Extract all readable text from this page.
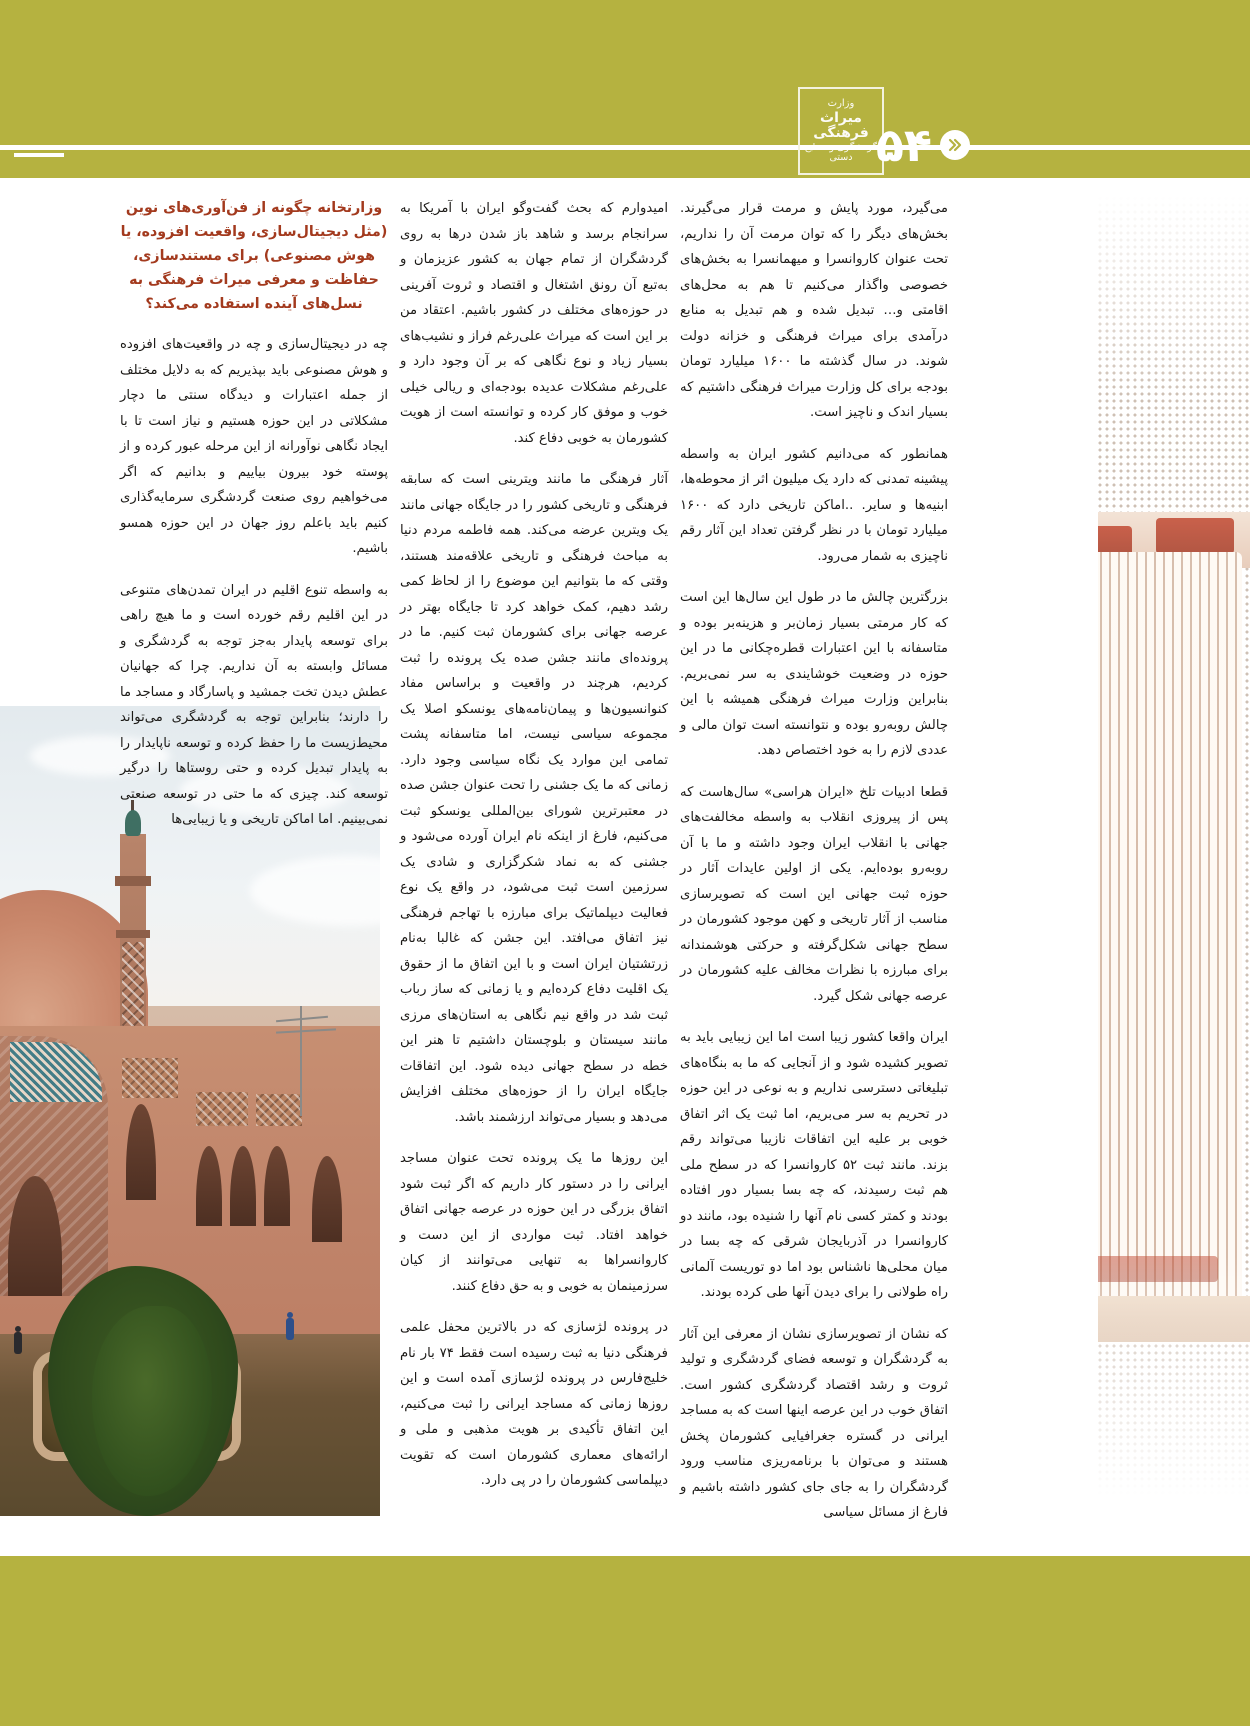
وزارت
میراث فرهنگی
گردشگری و صنایع دستی ۵۴

می‌گیرد، مورد پایش و مرمت قرار می‌گیرند. بخش‌های دیگر را که توان مرمت آن را نداریم، تحت عنوان کاروانسرا و میهمانسرا به بخش‌های خصوصی واگذار می‌کنیم تا هم به محل‌های اقامتی و… تبدیل شده و هم تبدیل به منابع درآمدی برای میراث فرهنگی و خزانه دولت شوند. در سال گذشته ما ۱۶۰۰ میلیارد تومان بودجه برای کل وزارت میراث فرهنگی داشتیم که بسیار اندک و ناچیز است.

همانطور که می‌دانیم کشور ایران به واسطه پیشینه تمدنی که دارد یک میلیون اثر از محوطه‌ها، ابنیه‌ها و سایر. ..اماکن تاریخی دارد که ۱۶۰۰ میلیارد تومان با در نظر گرفتن تعداد این آثار رقم ناچیزی به شمار می‌رود.

بزرگترین چالش ما در طول این سال‌ها این است که کار مرمتی بسیار زمان‌بر و هزینه‌بر بوده و متاسفانه با این اعتبارات قطره‌چکانی ما در این حوزه در وضعیت خوشایندی به سر نمی‌بریم. بنابراین وزارت میراث فرهنگی همیشه با این چالش روبه‌رو بوده و نتوانسته است توان مالی و عددی لازم را به خود اختصاص دهد.

قطعا ادبیات تلخ «ایران هراسی» سال‌هاست که پس از پیروزی انقلاب به واسطه مخالفت‌های جهانی با انقلاب ایران وجود داشته و ما با آن روبه‌رو بوده‌ایم. یکی از اولین عایدات آثار در حوزه ثبت جهانی این است که تصویرسازی مناسب از آثار تاریخی و کهن موجود کشورمان در سطح جهانی شکل‌گرفته و حرکتی هوشمندانه برای مبارزه با نظرات مخالف علیه کشورمان در عرصه جهانی شکل گیرد.

ایران واقعا کشور زیبا است اما این زیبایی باید به تصویر کشیده شود و از آنجایی که ما به بنگاه‌های تبلیغاتی دسترسی نداریم و به نوعی در این حوزه در تحریم به سر می‌بریم، اما ثبت یک اثر اتفاق خوبی بر علیه این اتفاقات نازیبا می‌تواند رقم بزند. مانند ثبت ۵۲ کاروانسرا که در سطح ملی هم ثبت رسیدند، که چه بسا بسیار دور افتاده بودند و کمتر کسی نام آنها را شنیده بود، مانند دو کاروانسرا در آذربایجان شرقی که چه بسا در میان محلی‌ها ناشناس بود اما دو توریست آلمانی راه طولانی را برای دیدن آنها طی کرده بودند.

که نشان از تصویرسازی نشان از معرفی این آثار به گردشگران و توسعه فضای گردشگری و تولید ثروت و رشد اقتصاد گردشگری کشور است. اتفاق خوب در این عرصه اینها است که به مساجد ایرانی در گستره جغرافیایی کشورمان پخش هستند و می‌توان با برنامه‌ریزی مناسب ورود گردشگران را به جای جای کشور داشته باشیم و فارغ از مسائل سیاسی

امیدوارم که بحث گفت‌وگو ایران با آمریکا به سرانجام برسد و شاهد باز شدن درها به روی گردشگران از تمام جهان به کشور عزیزمان و به‌تبع آن رونق اشتغال و اقتصاد و ثروت آفرینی در حوزه‌های مختلف در کشور باشیم. اعتقاد من بر این است که میراث علی‌رغم فراز و نشیب‌های بسیار زیاد و نوع نگاهی که بر آن وجود دارد و علی‌رغم مشکلات عدیده بودجه‌ای و ریالی خیلی خوب و موفق کار کرده و توانسته است از هویت کشورمان به خوبی دفاع کند.

آثار فرهنگی ما مانند ویترینی است که سابقه فرهنگی و تاریخی کشور را در جایگاه جهانی مانند یک ویترین عرضه می‌کند. همه فاطمه مردم دنیا به مباحث فرهنگی و تاریخی علاقه‌مند هستند، وقتی که ما بتوانیم این موضوع را از لحاظ کمی رشد دهیم، کمک خواهد کرد تا جایگاه بهتر در عرصه جهانی برای کشورمان ثبت کنیم. ما در پرونده‌ای مانند جشن صده یک پرونده را ثبت کردیم، هرچند در واقعیت و براساس مفاد کنوانسیون‌ها و پیمان‌نامه‌های یونسکو اصلا یک مجموعه سیاسی نیست، اما متاسفانه پشت تمامی این موارد یک نگاه سیاسی وجود دارد. زمانی که ما یک جشنی را تحت عنوان جشن صده در معتبرترین شورای بین‌المللی یونسکو ثبت می‌کنیم، فارغ از اینکه نام ایران آورده می‌شود و جشنی که به نماد شکرگزاری و شادی یک سرزمین است ثبت می‌شود، در واقع یک نوع فعالیت دیپلماتیک برای مبارزه با تهاجم فرهنگی نیز اتفاق می‌افتد. این جشن که غالبا به‌نام زرتشتیان ایران است و با این اتفاق ما از حقوق یک اقلیت دفاع کرده‌ایم و یا زمانی که ساز رباب ثبت شد در واقع نیم نگاهی به استان‌های مرزی مانند سیستان و بلوچستان داشتیم تا هنر این خطه در سطح جهانی دیده شود. این اتفاقات جایگاه ایران را از حوزه‌های مختلف افزایش می‌دهد و بسیار می‌تواند ارزشمند باشد.

این روزها ما یک پرونده تحت عنوان مساجد ایرانی را در دستور کار داریم که اگر ثبت شود اتفاق بزرگی در این حوزه در عرصه جهانی اتفاق خواهد افتاد. ثبت مواردی از این دست و کاروانسراها به تنهایی می‌توانند از کیان سرزمینمان به خوبی و به حق دفاع کنند.

در پرونده لژسازی که در بالاترین محفل علمی فرهنگی دنیا به ثبت رسیده است فقط ۷۴ بار نام خلیج‌فارس در پرونده لژسازی آمده است و این روزها زمانی که مساجد ایرانی را ثبت می‌کنیم، این اتفاق تأکیدی بر هویت مذهبی و ملی و ارائه‌های معماری کشورمان است که تقویت دیپلماسی کشورمان را در پی دارد.

وزارتخانه چگونه از فن‌آوری‌های نوین (مثل دیجیتال‌سازی، واقعیت افزوده، یا هوش مصنوعی) برای مستندسازی، حفاظت و معرفی میراث فرهنگی به نسل‌های آینده استفاده می‌کند؟

چه در دیجیتال‌سازی و چه در واقعیت‌های افزوده و هوش مصنوعی باید بپذیریم که به دلایل مختلف از جمله اعتبارات و دیدگاه سنتی ما دچار مشکلاتی در این حوزه هستیم و نیاز است تا با ایجاد نگاهی نوآورانه از این مرحله عبور کرده و از پوسته خود بیرون بیاییم و بدانیم که اگر می‌خواهیم روی صنعت گردشگری سرمایه‌گذاری کنیم باید باعلم روز جهان در این حوزه همسو باشیم.

به واسطه تنوع اقلیم در ایران تمدن‌های متنوعی در این اقلیم رقم خورده است و ما هیچ راهی برای توسعه پایدار به‌جز توجه به گردشگری و مسائل وابسته به آن نداریم. چرا که جهانیان عطش دیدن تخت جمشید و پاسارگاد و مساجد ما را دارند؛ بنابراین توجه به گردشگری می‌تواند محیط‌زیست ما را حفظ کرده و توسعه ناپایدار را به پایدار تبدیل کرده و حتی روستاها را درگیر توسعه کند. چیزی که ما حتی در توسعه صنعتی نمی‌بینیم. اما اماکن تاریخی و یا زیبایی‌ها
